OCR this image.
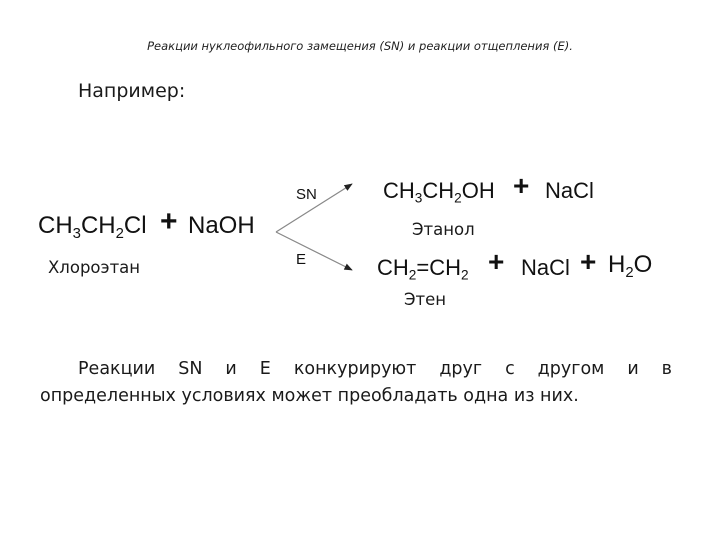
Реакции нуклеофильного замещения (SN) и реакции отщепления (E).
Например:
$CH_3CH_2Cl$ + NaOH
Хлороэтан
SN
E
$CH_3CH_2OH$ + NaCl
Этанол
$CH_2=CH_2$ + NaCl + $H_2O$
Этен
Реакции SN и E конкурируют друг с другом и в
определенных условиях может преобладать одна из них.
